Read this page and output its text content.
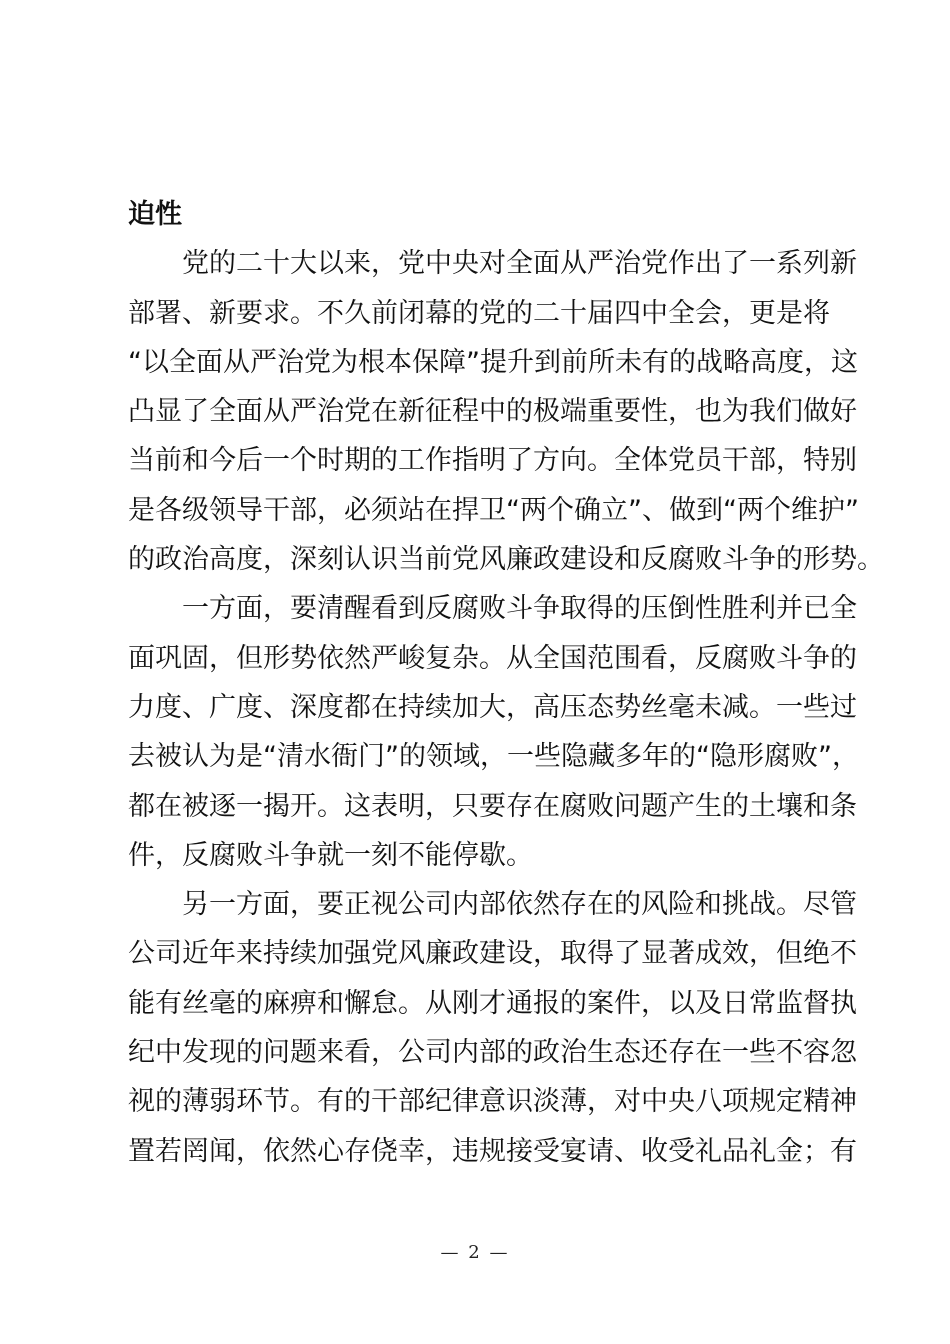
迫性
党的二十大以来，党中央对全面从严治党作出了一系列新
部署、新要求。不久前闭幕的党的二十届四中全会，更是将
“以全面从严治党为根本保障”提升到前所未有的战略高度，这
凸显了全面从严治党在新征程中的极端重要性，也为我们做好
当前和今后一个时期的工作指明了方向。全体党员干部，特别
是各级领导干部，必须站在捍卫“两个确立”、做到“两个维护”
的政治高度，深刻认识当前党风廉政建设和反腐败斗争的形势。
一方面，要清醒看到反腐败斗争取得的压倒性胜利并已全
面巩固，但形势依然严峻复杂。从全国范围看，反腐败斗争的
力度、广度、深度都在持续加大，高压态势丝毫未减。一些过
去被认为是“清水衙门”的领域，一些隐藏多年的“隐形腐败”，
都在被逐一揭开。这表明，只要存在腐败问题产生的土壤和条
件，反腐败斗争就一刻不能停歇。
另一方面，要正视公司内部依然存在的风险和挑战。尽管
公司近年来持续加强党风廉政建设，取得了显著成效，但绝不
能有丝毫的麻痹和懈怠。从刚才通报的案件，以及日常监督执
纪中发现的问题来看，公司内部的政治生态还存在一些不容忽
视的薄弱环节。有的干部纪律意识淡薄，对中央八项规定精神
置若罔闻，依然心存侥幸，违规接受宴请、收受礼品礼金；有
— 2 —
